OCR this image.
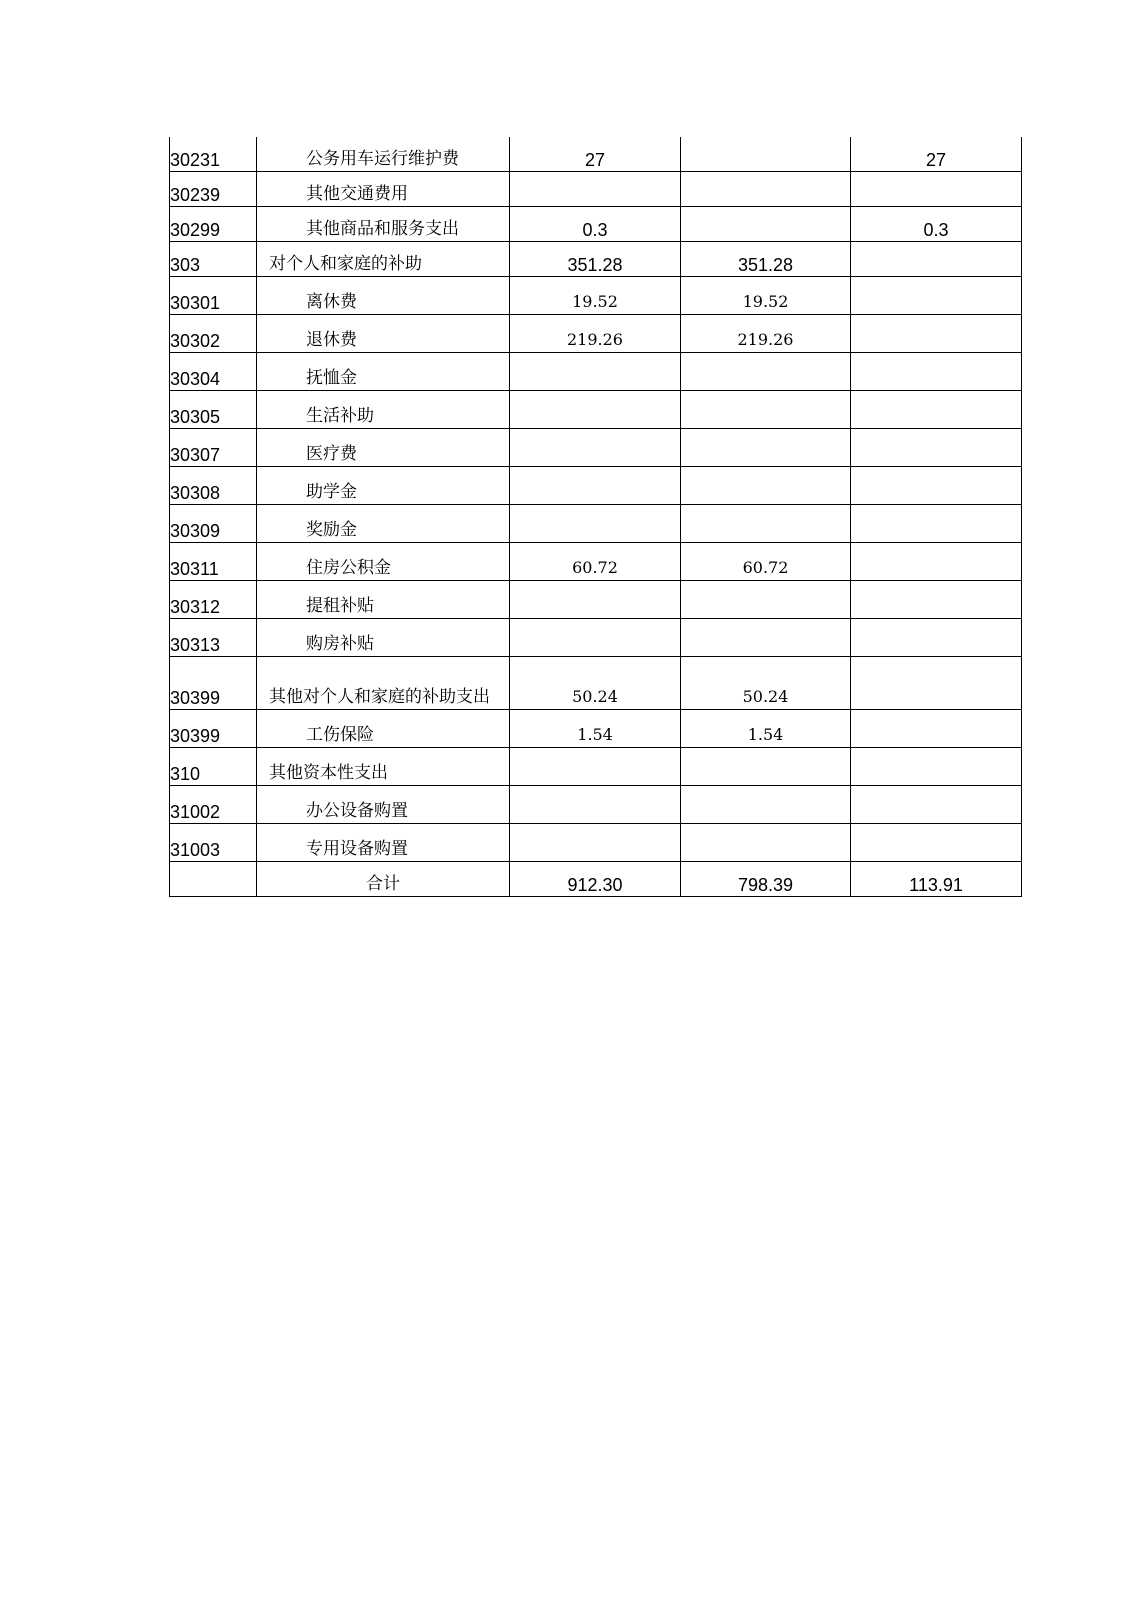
30231	公务用车运行维护费	27		27
30239	其他交通费用			
30299	其他商品和服务支出	0.3		0.3
303	对个人和家庭的补助	351.28	351.28	
30301	离休费	19.52	19.52	
30302	退休费	219.26	219.26	
30304	抚恤金			
30305	生活补助			
30307	医疗费			
30308	助学金			
30309	奖励金			
30311	住房公积金	60.72	60.72	
30312	提租补贴			
30313	购房补贴			
30399	其他对个人和家庭的补助支出	50.24	50.24	
30399	工伤保险	1.54	1.54	
310	其他资本性支出			
31002	办公设备购置			
31003	专用设备购置			
	合计	912.30	798.39	113.91
